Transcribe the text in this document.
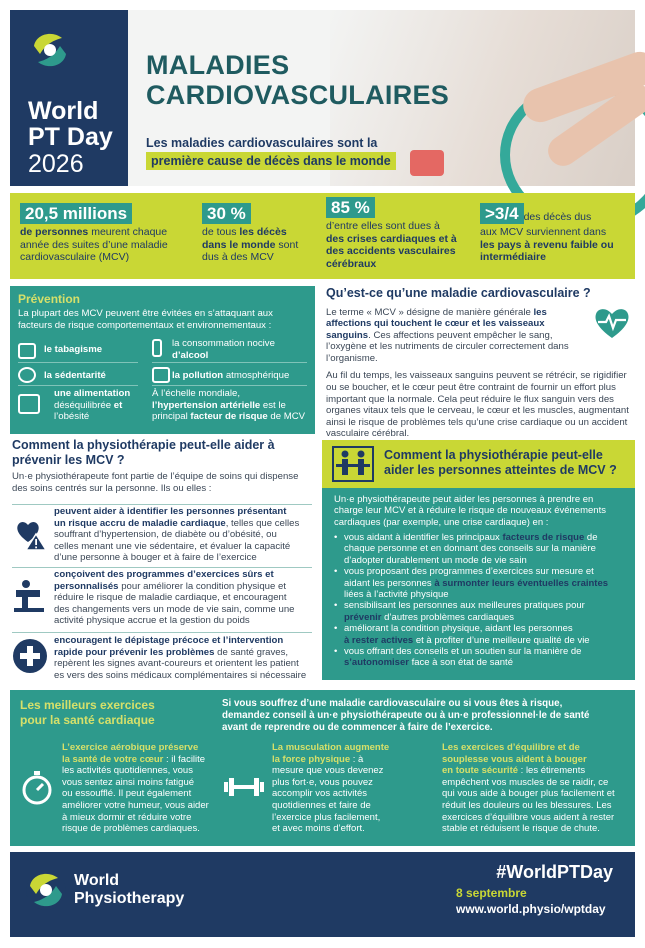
World
PT Day
2026
MALADIES
CARDIOVASCULAIRES
Les maladies cardiovasculaires sont la
première cause de décès dans le monde
20,5 millions
de personnes meurent chaque
année des suites d’une maladie
cardiovasculaire (MCV)
30 %
de tous les décès
dans le monde sont
dus à des MCV
85 %
d’entre elles sont dues à
des crises cardiaques et à
des accidents vasculaires
cérébraux
>3/4des décès dus
aux MCV surviennent dans
les pays à revenu faible ou
intermédiaire
Prévention
La plupart des MCV peuvent être évitées en s’attaquant aux
facteurs de risque comportementaux et environnementaux :
le tabagisme
la consommation nocive
d’alcool
la sédentarité	la pollution atmosphérique
une alimentation
déséquilibrée et
l’obésité
À l’échelle mondiale,
l’hypertension artérielle est le
principal facteur de risque de MCV
Qu’est-ce qu’une maladie cardiovasculaire ?
Le terme « MCV » désigne de manière générale les affections qui touchent le cœur et les vaisseaux sanguins. Ces affections peuvent empêcher le sang, l’oxygène et les nutriments de circuler correctement dans l’organisme.
Au fil du temps, les vaisseaux sanguins peuvent se rétrécir, se rigidifier
ou se boucher, et le cœur peut être contraint de fournir un effort plus
important que la normale. Cela peut réduire le flux sanguin vers des
organes vitaux tels que le cerveau, le cœur et les muscles, augmentant
ainsi le risque de problèmes tels qu’une crise cardiaque ou un accident
vasculaire cérébral.
Comment la physiothérapie peut-elle aider à
prévenir les MCV ?
Un·e physiothérapeute font partie de l’équipe de soins qui dispense
des soins centrés sur la personne. Ils ou elles :
peuvent aider à identifier les personnes présentant
un risque accru de maladie cardiaque, telles que celles
souffrant d’hypertension, de diabète ou d’obésité, ou
celles menant une vie sédentaire, et évaluer la capacité
d’une personne à bouger et à faire de l’exercice
conçoivent des programmes d’exercices sûrs et
personnalisés pour améliorer la condition physique et
réduire le risque de maladie cardiaque, et encouragent
des changements vers un mode de vie sain, comme une
activité physique accrue et la gestion du poids
encouragent le dépistage précoce et l’intervention
rapide pour prévenir les problèmes de santé graves,
repèrent les signes avant-coureurs et orientent les patient
es vers des soins médicaux complémentaires si nécessaire
Comment la physiothérapie peut-elle
aider les personnes atteintes de MCV ?
Un·e physiothérapeute peut aider les personnes à prendre en
charge leur MCV et à réduire le risque de nouveaux événements
cardiaques (par exemple, une crise cardiaque) en :
• vous aidant à identifier les principaux facteurs de risque de
chaque personne et en donnant des conseils sur la manière
d’adopter durablement un mode de vie sain
• vous proposant des programmes d’exercices sur mesure et
aidant les personnes à surmonter leurs éventuelles craintes
liées à l’activité physique
• sensibilisant les personnes aux meilleures pratiques pour
prévenir d’autres problèmes cardiaques
• améliorant la condition physique, aidant les personnes
à rester actives et à profiter d’une meilleure qualité de vie
• vous offrant des conseils et un soutien sur la manière de
s’autonomiser face à son état de santé
Les meilleurs exercices
pour la santé cardiaque
Si vous souffrez d’une maladie cardiovasculaire ou si vous êtes à risque,
demandez conseil à un·e physiothérapeute ou à un·e professionnel·le de santé
avant de reprendre ou de commencer à faire de l’exercice.
L’exercice aérobique préserve
la santé de votre cœur : il facilite
les activités quotidiennes, vous
vous sentez ainsi moins fatigué
ou essoufflé. Il peut également
améliorer votre humeur, vous aider
à mieux dormir et réduire votre
risque de problèmes cardiaques.
La musculation augmente
la force physique : à
mesure que vous devenez
plus fort·e, vous pouvez
accomplir vos activités
quotidiennes et faire de
l’exercice plus facilement,
et avec moins d’effort.
Les exercices d’équilibre et de
souplesse vous aident à bouger
en toute sécurité : les étirements
empêchent vos muscles de se raidir, ce
qui vous aide à bouger plus facilement et
réduit les douleurs ou les blessures. Les
exercices d’équilibre vous aident à rester
stable et réduisent le risque de chute.
World
Physiotherapy
#WorldPTDay
8 septembre
www.world.physio/wptday
